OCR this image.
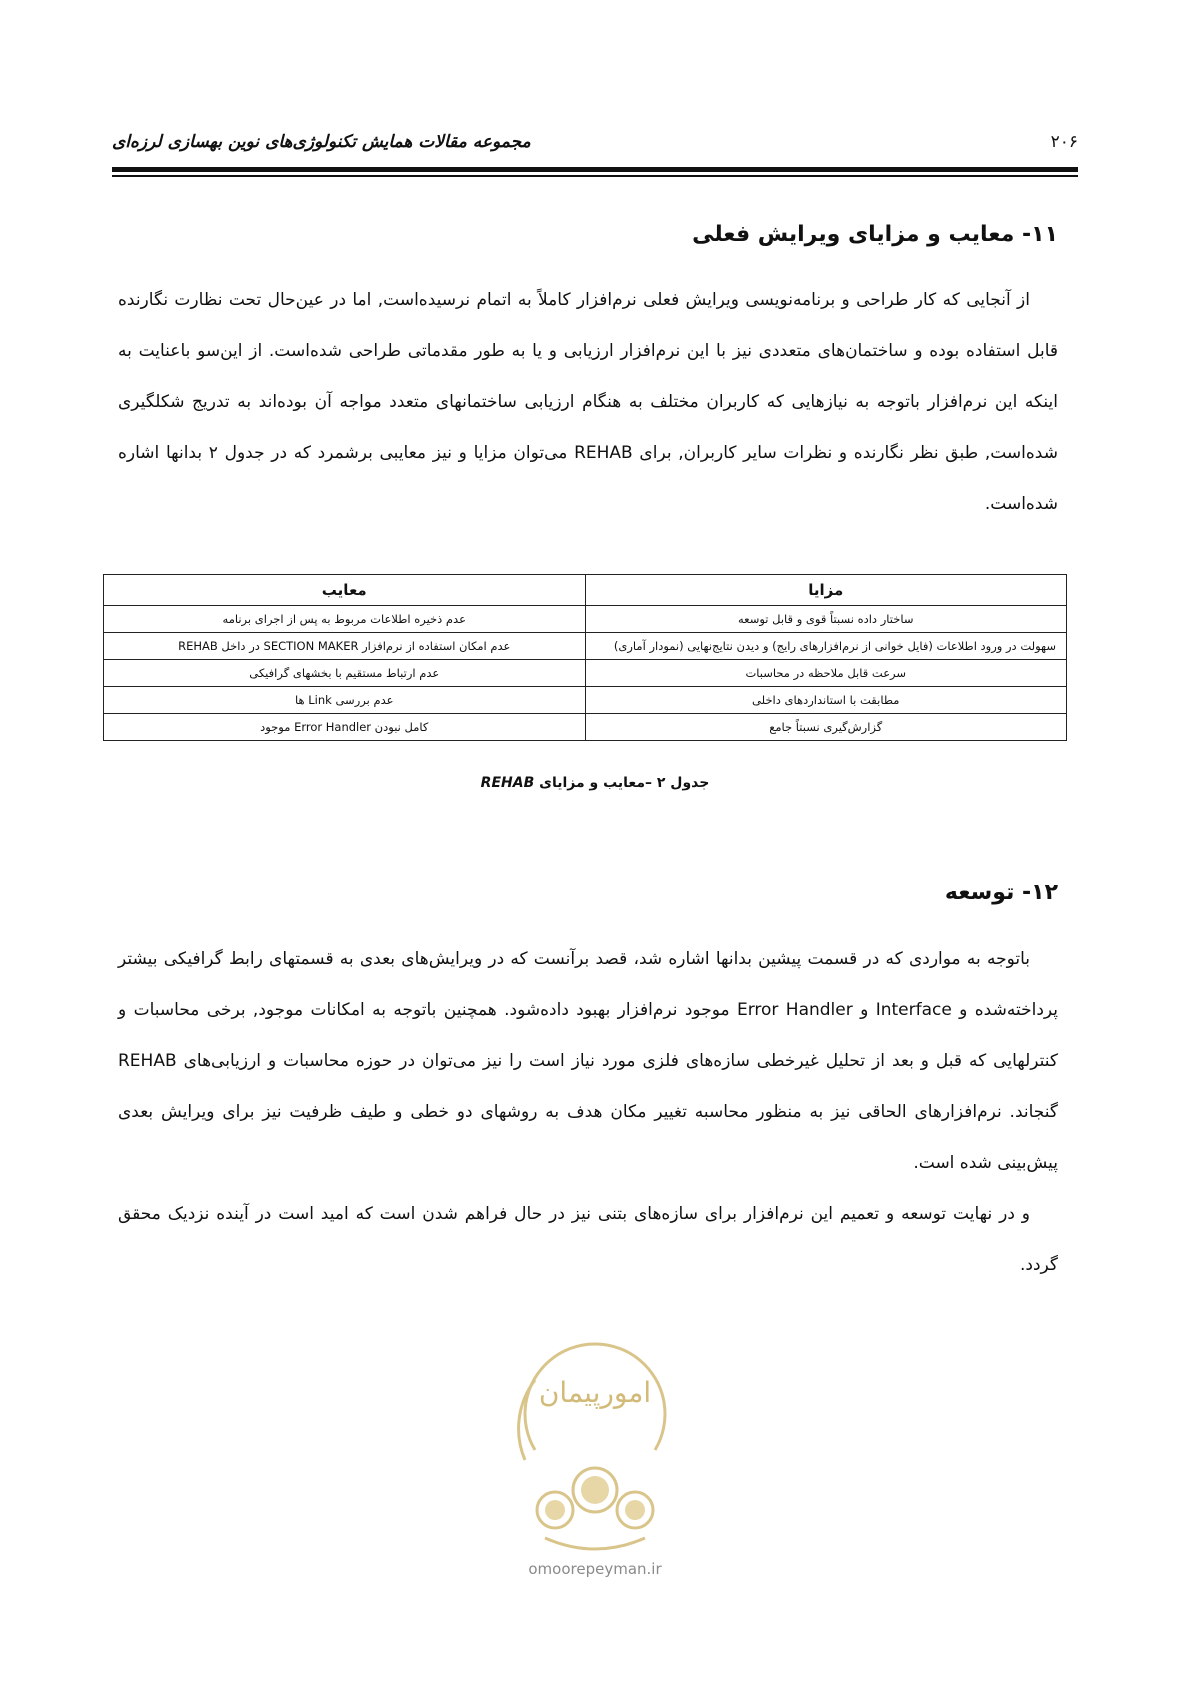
۲۰۶
مجموعه مقالات همایش تکنولوژی‌های نوین بهسازی لرزه‌ای
۱۱- معایب و مزایای ویرایش فعلی

از آنجایی که کار طراحی و برنامه‌نویسی ویرایش فعلی نرم‌افزار کاملاً به اتمام نرسیده‌است, اما در عین‌حال تحت نظارت نگارنده قابل استفاده بوده و ساختمان‌های متعددی نیز با این نرم‌افزار ارزیابی و یا به طور مقدماتی طراحی شده‌است. از این‌سو باعنایت به اینکه این نرم‌افزار باتوجه به نیازهایی که کاربران مختلف به هنگام ارزیابی ساختمانهای متعدد مواجه آن بوده‌اند به تدریج شکلگیری شده‌است, طبق نظر نگارنده و نظرات سایر کاربران, برای REHAB می‌توان مزایا و نیز معایبی برشمرد که در جدول ۲ بدانها اشاره شده‌است.

مزایا	معایب
ساختار داده نسبتاً قوی و قابل توسعه	عدم ذخیره اطلاعات مربوط به پس از اجرای برنامه
سهولت در ورود اطلاعات (فایل خوانی از نرم‌افزارهای رایج) و دیدن نتایج‌نهایی (نمودار آماری)	عدم امکان استفاده از نرم‌افزار SECTION MAKER در داخل REHAB
سرعت قابل ملاحظه در محاسبات	عدم ارتباط مستقیم با بخشهای گرافیکی
مطابقت با استانداردهای داخلی	عدم بررسی Link ها
گزارش‌گیری نسبتاً جامع	کامل نبودن Error Handler موجود
جدول ۲ –معایب و مزایای REHAB
۱۲- توسعه

باتوجه به مواردی که در قسمت پیشین بدانها اشاره شد، قصد برآنست که در ویرایش‌های بعدی به قسمتهای رابط گرافیکی بیشتر پرداخته‌شده و Interface و Error Handler موجود نرم‌افزار بهبود داده‌شود. همچنین باتوجه به امکانات موجود, برخی محاسبات و کنترلهایی که قبل و بعد از تحلیل غیرخطی سازه‌های فلزی مورد نیاز است را نیز می‌توان در حوزه محاسبات و ارزیابی‌های REHAB گنجاند. نرم‌افزارهای الحاقی نیز به منظور محاسبه تغییر مکان هدف به روشهای دو خطی و طیف ظرفیت نیز برای ویرایش بعدی پیش‌بینی شده است.

و در نهایت توسعه و تعمیم این نرم‌افزار برای سازه‌های بتنی نیز در حال فراهم شدن است که امید است در آینده نزدیک محقق گردد.

امورپیمان
omoorepeyman.ir
